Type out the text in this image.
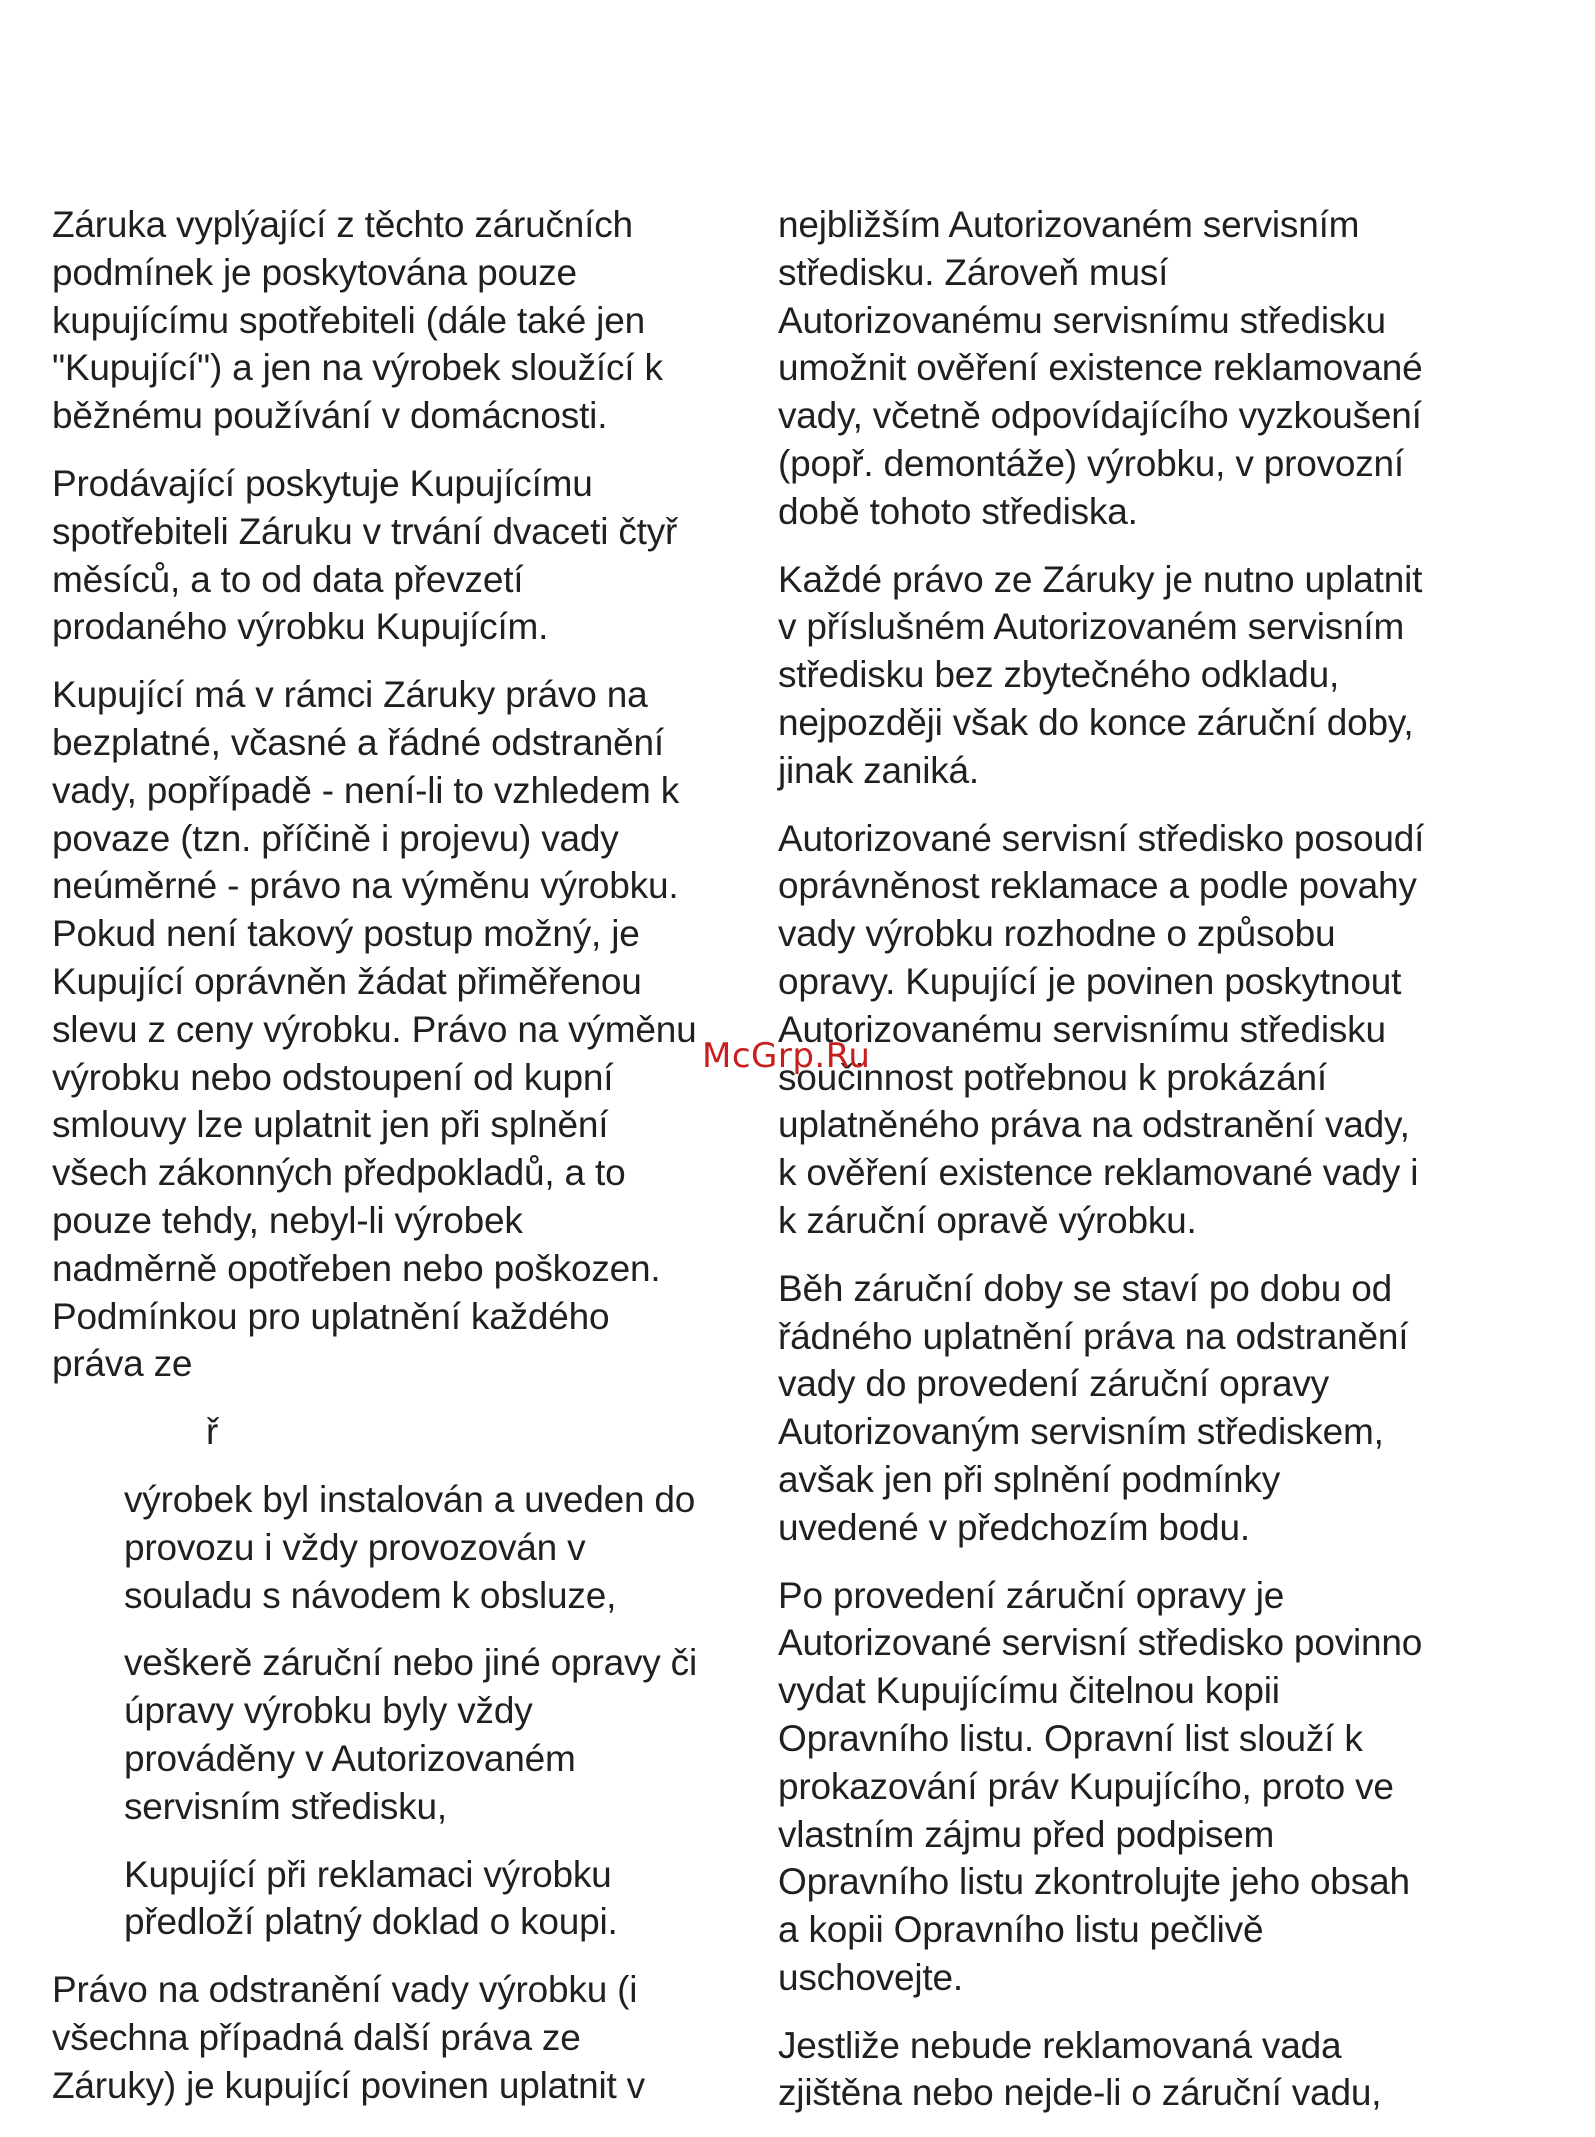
Záruka vyplýající z těchto záručních
podmínek je poskytována pouze
kupujícímu spotřebiteli (dále také jen
"Kupující") a jen na výrobek sloužící k
běžnému používání v domácnosti.

Prodávající poskytuje Kupujícímu
spotřebiteli Záruku v trvání dvaceti čtyř
měsíců, a to od data převzetí
prodaného výrobku Kupujícím.

Kupující má v rámci Záruky právo na
bezplatné, včasné a řádné odstranění
vady, popřípadě - není-li to vzhledem k
povaze (tzn. příčině i projevu) vady
neúměrné - právo na výměnu výrobku.
Pokud není takový postup možný, je
Kupující oprávněn žádat přiměřenou
slevu z ceny výrobku. Právo na výměnu
výrobku nebo odstoupení od kupní
smlouvy lze uplatnit jen při splnění
všech zákonných předpokladů, a to
pouze tehdy, nebyl-li výrobek
nadměrně opotřeben nebo poškozen.
Podmínkou pro uplatnění každého
práva ze

ř

výrobek byl instalován a uveden do
provozu i vždy provozován v
souladu s návodem k obsluze,

veškerě záruční nebo jiné opravy či
úpravy výrobku byly vždy
prováděny v Autorizovaném
servisním středisku,

Kupující při reklamaci výrobku
předloží platný doklad o koupi.

Právo na odstranění vady výrobku (i
všechna případná další práva ze
Záruky) je kupující povinen uplatnit v

nejbližším Autorizovaném servisním
středisku. Zároveň musí
Autorizovanému servisnímu středisku
umožnit ověření existence reklamované
vady, včetně odpovídajícího vyzkoušení
(popř. demontáže) výrobku, v provozní
době tohoto střediska.

Každé právo ze Záruky je nutno uplatnit
v příslušném Autorizovaném servisním
středisku bez zbytečného odkladu,
nejpozději však do konce záruční doby,
jinak zaniká.

Autorizované servisní středisko posoudí
oprávněnost reklamace a podle povahy
vady výrobku rozhodne o způsobu
opravy. Kupující je povinen poskytnout
Autorizovanému servisnímu středisku
součinnost potřebnou k prokázání
uplatněného práva na odstranění vady,
k ověření existence reklamované vady i
k záruční opravě výrobku.

Běh záruční doby se staví po dobu od
řádného uplatnění práva na odstranění
vady do provedení záruční opravy
Autorizovaným servisním střediskem,
avšak jen při splnění podmínky
uvedené v předchozím bodu.

Po provedení záruční opravy je
Autorizované servisní středisko povinno
vydat Kupujícímu čitelnou kopii
Opravního listu. Opravní list slouží k
prokazování práv Kupujícího, proto ve
vlastním zájmu před podpisem
Opravního listu zkontrolujte jeho obsah
a kopii Opravního listu pečlivě
uschovejte.

Jestliže nebude reklamovaná vada
zjištěna nebo nejde-li o záruční vadu,

McGrp.Ru
